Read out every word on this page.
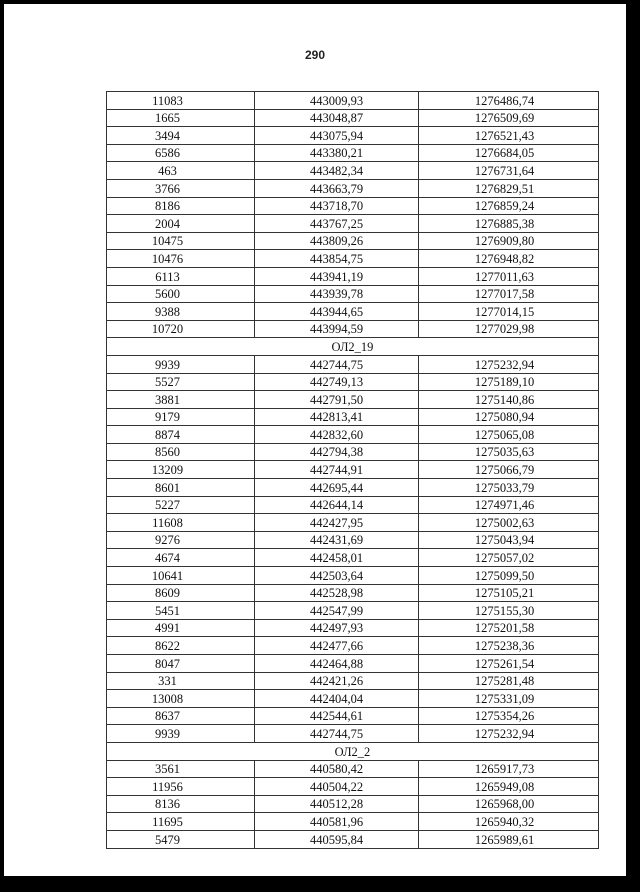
290
11083	443009,93	1276486,74
1665	443048,87	1276509,69
3494	443075,94	1276521,43
6586	443380,21	1276684,05
463	443482,34	1276731,64
3766	443663,79	1276829,51
8186	443718,70	1276859,24
2004	443767,25	1276885,38
10475	443809,26	1276909,80
10476	443854,75	1276948,82
6113	443941,19	1277011,63
5600	443939,78	1277017,58
9388	443944,65	1277014,15
10720	443994,59	1277029,98
ОЛ2_19		
9939	442744,75	1275232,94
5527	442749,13	1275189,10
3881	442791,50	1275140,86
9179	442813,41	1275080,94
8874	442832,60	1275065,08
8560	442794,38	1275035,63
13209	442744,91	1275066,79
8601	442695,44	1275033,79
5227	442644,14	1274971,46
11608	442427,95	1275002,63
9276	442431,69	1275043,94
4674	442458,01	1275057,02
10641	442503,64	1275099,50
8609	442528,98	1275105,21
5451	442547,99	1275155,30
4991	442497,93	1275201,58
8622	442477,66	1275238,36
8047	442464,88	1275261,54
331	442421,26	1275281,48
13008	442404,04	1275331,09
8637	442544,61	1275354,26
9939	442744,75	1275232,94
ОЛ2_2		
3561	440580,42	1265917,73
11956	440504,22	1265949,08
8136	440512,28	1265968,00
11695	440581,96	1265940,32
5479	440595,84	1265989,61
